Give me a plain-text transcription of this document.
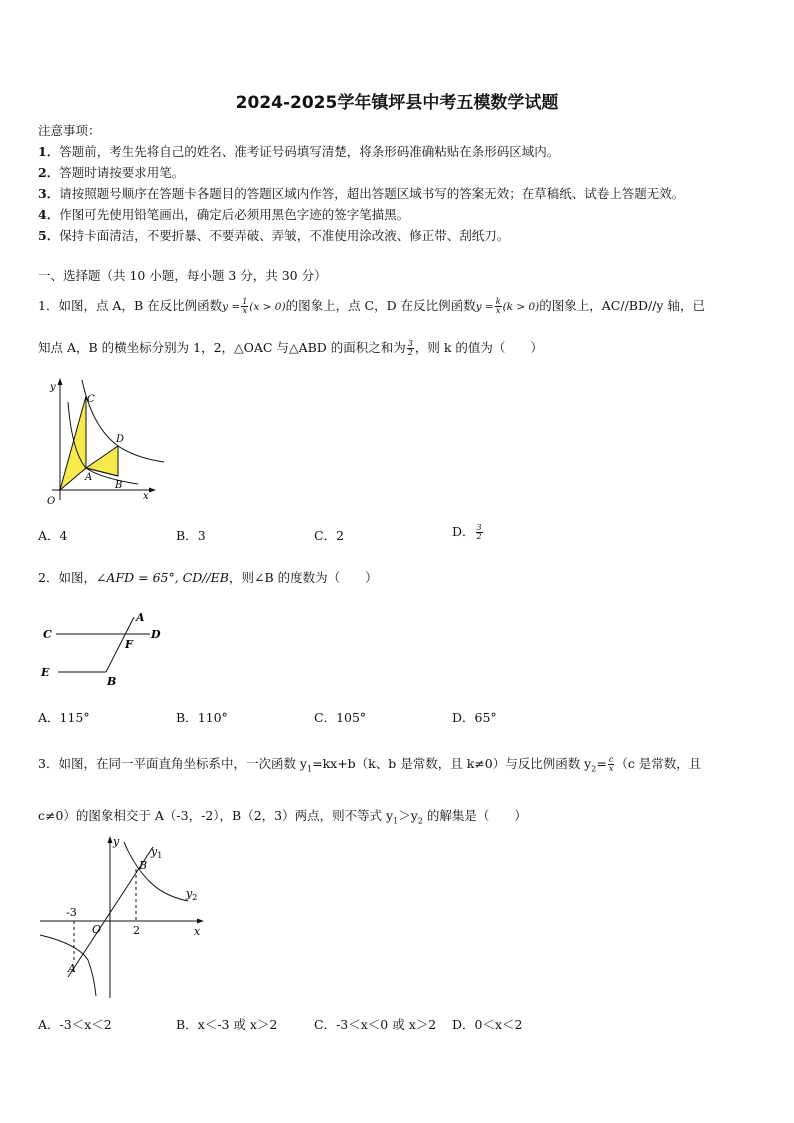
2024-2025学年镇坪县中考五模数学试题
注意事项：
1．答题前，考生先将自己的姓名、准考证号码填写清楚，将条形码准确粘贴在条形码区域内。
2．答题时请按要求用笔。
3．请按照题号顺序在答题卡各题目的答题区域内作答，超出答题区域书写的答案无效；在草稿纸、试卷上答题无效。
4．作图可先使用铅笔画出，确定后必须用黑色字迹的签字笔描黑。
5．保持卡面清洁，不要折暴、不要弄破、弄皱，不准使用涂改液、修正带、刮纸刀。
一、选择题（共 10 小题，每小题 3 分，共 30 分）
1．如图，点 A，B 在反比例函数$y = \frac{1}{x} (x > 0)$的图象上，点 C，D 在反比例函数$y = \frac{k}{x} (k > 0)$的图象上，AC//BD//y 轴，已
知点 A，B 的横坐标分别为 1，2，△OAC 与△ABD 的面积之和为 $\frac{3}{2}$ ，则 k 的值为（　　）
y
x
O
C
D
A
B
A．4	B．3	C．2	D． $\frac{3}{2}$
2．如图，∠AFD = 65°, CD//EB，则∠B 的度数为（　　）
A
C	D
F
E
B
A．115°	B．110°	C．105°	D．65°
3．如图，在同一平面直角坐标系中，一次函数 $y_1=kx+b(k$、b 是常数，且 k≠0）与反比例函数 $y_2= \frac{c}{x} (c$ 是常数，且
c≠0）的图象相交于 A（-3，-2），B（2，3）两点，则不等式 $y_1>y_2$ 的解集是（　　）
y
x
O
B
A
$y_1$
$y_2$
-3
2
A．-3＜x＜2	B．x＜-3 或 x＞2	C．-3＜x＜0 或 x＞2 D．0＜x＜2
